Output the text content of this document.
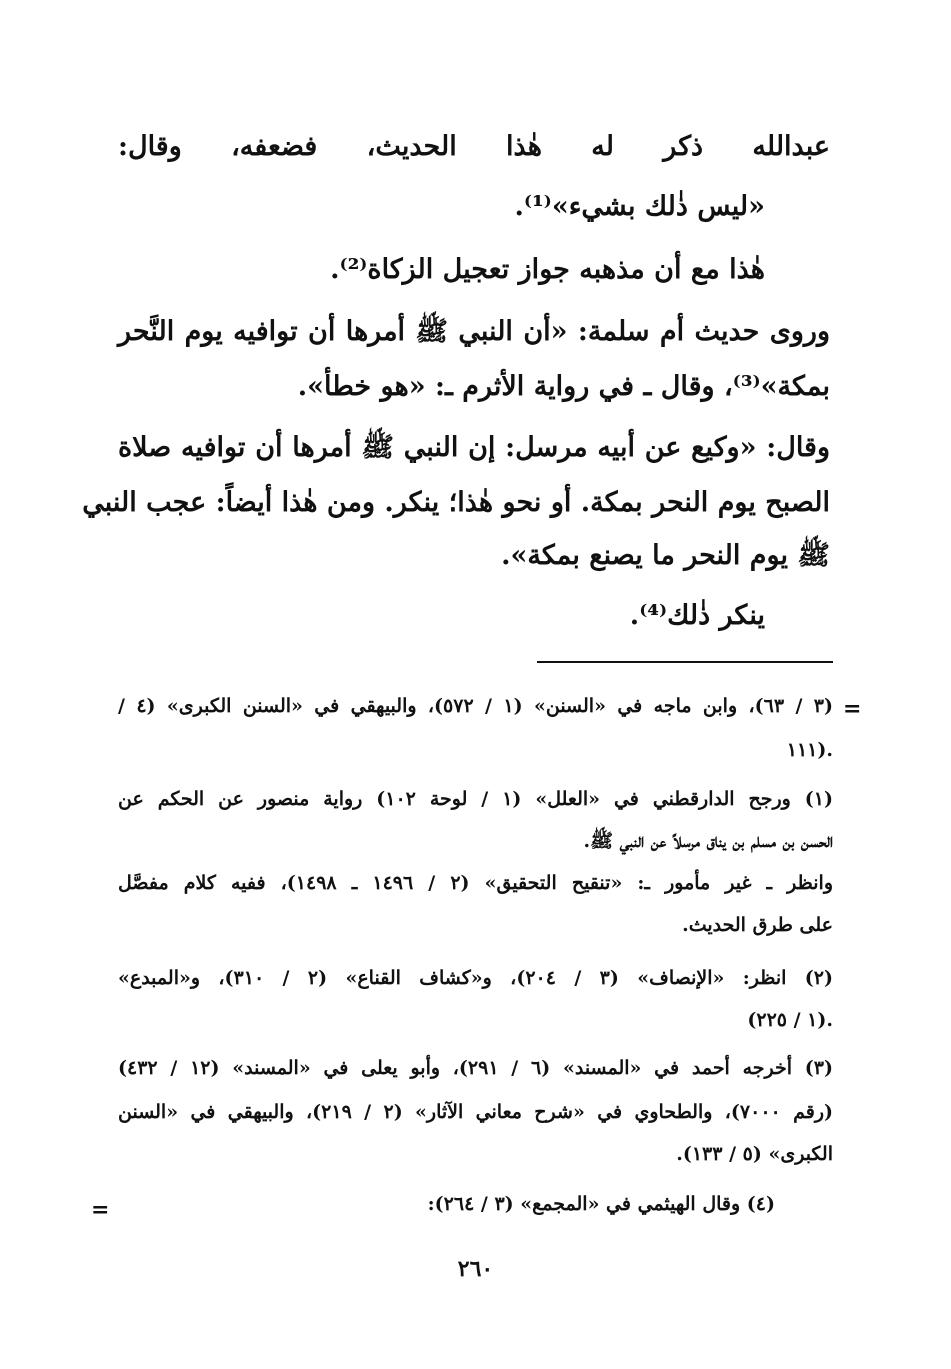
عبدالله ذكر له هٰذا الحديث، فضعفه، وقال:
«ليس ذٰلك بشيء»⁽¹⁾.
هٰذا مع أن مذهبه جواز تعجيل الزكاة⁽²⁾.
وروى حديث أم سلمة: «أن النبي ﷺ أمرها أن توافيه يوم النَّحر
بمكة»⁽³⁾، وقال ـ في رواية الأثرم ـ: «هو خطأ».
وقال: «وكيع عن أبيه مرسل: إن النبي ﷺ أمرها أن توافيه صلاة
الصبح يوم النحر بمكة. أو نحو هٰذا؛ ينكر. ومن هٰذا أيضاً: عجب النبي
ﷺ يوم النحر ما يصنع بمكة».
ينكر ذٰلك⁽⁴⁾.
=
(٣ / ٦٣)، وابن ماجه في «السنن» (١ / ٥٧٢)، والبيهقي في «السنن الكبرى» (٤ /
١١١).
(١) ورجح الدارقطني في «العلل» (١ / لوحة ١٠٢) رواية منصور عن الحكم عن
الحسن بن مسلم بن يناق مرسلاً عن النبي ﷺ.
وانظر ـ غير مأمور ـ: «تنقيح التحقيق» (٢ / ١٤٩٦ ـ ١٤٩٨)، ففيه كلام مفصَّل
على طرق الحديث.
(٢) انظر: «الإنصاف» (٣ / ٢٠٤)، و«كشاف القناع» (٢ / ٣١٠)، و«المبدع»
(١ / ٢٢٥).
(٣) أخرجه أحمد في «المسند» (٦ / ٢٩١)، وأبو يعلى في «المسند» (١٢ / ٤٣٢)
(رقم ٧٠٠٠)، والطحاوي في «شرح معاني الآثار» (٢ / ٢١٩)، والبيهقي في «السنن
الكبرى» (٥ / ١٣٣).
(٤) وقال الهيثمي في «المجمع» (٣ / ٢٦٤):
=
٢٦٠
